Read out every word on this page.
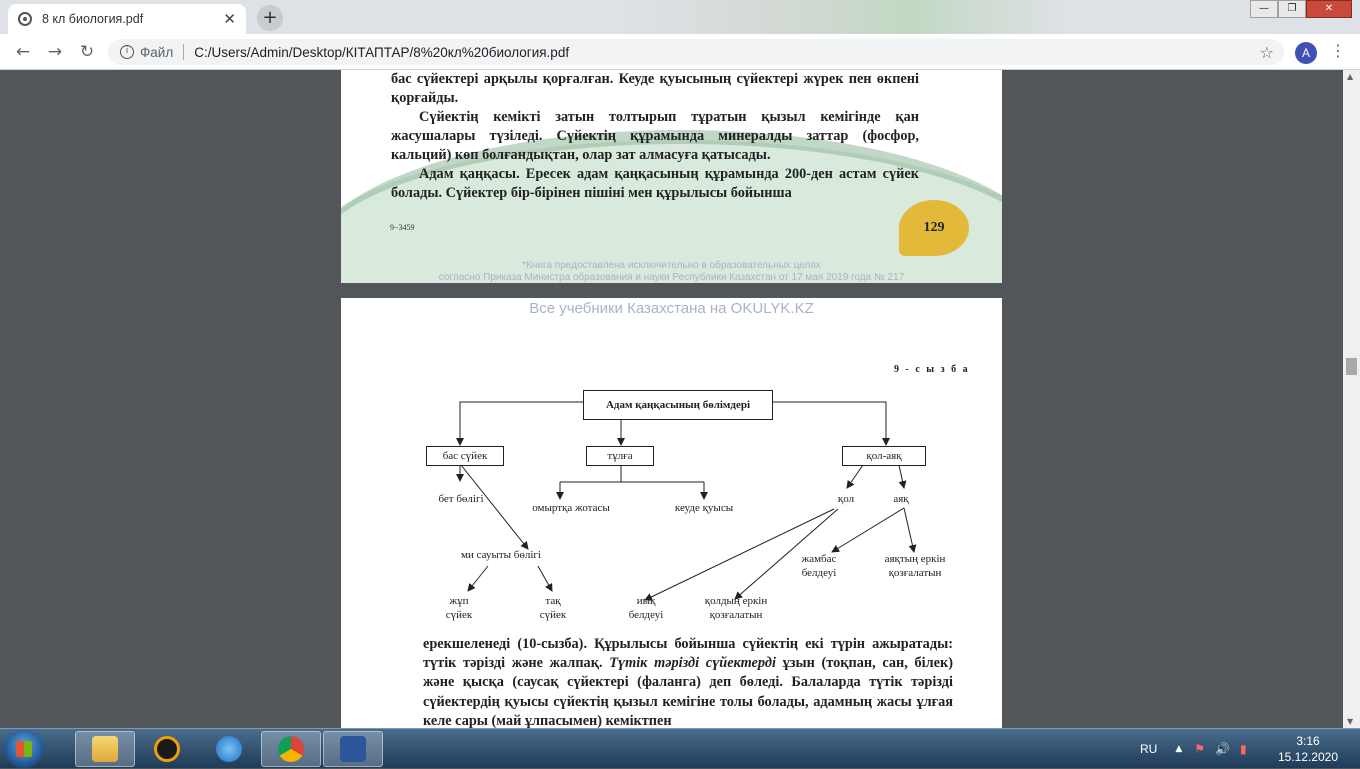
8 кл биология.pdf	✕	+	—	❐	✕
← → ↻	i Файл C:/Users/Admin/Desktop/КІТАПТАР/8%20кл%20биология.pdf	☆	A	⋮

бас сүйектері арқылы қорғалған. Кеуде қуысының сүйектері жүрек пен өкпені қорғайды.

Сүйектің кемікті затын толтырып тұратын қызыл кемігінде қан жасушалары түзіледі. Сүйектің құрамында минералды заттар (фосфор, кальций) көп болғандықтан, олар зат алмасуға қатысады.

Адам қаңқасы. Ересек адам қаңқасының құрамында 200-ден астам сүйек болады. Сүйектер бір-бірінен пішіні мен құрылысы бойынша

9−3459	129
*Книга предоставлена исключительно в образовательных целях
согласно Приказа Министра образования и науки Республики Казахстан от 17 мая 2019 года № 217
Все учебники Казахстана на OKULYK.KZ
9 - с ы з б а
Адам қаңқасының бөлімдері
бас сүйек	тұлға	қол-аяқ
бет бөлігі
ми сауыты бөлігі
жұп сүйек
тақ сүйек
омыртқа жотасы	кеуде қуысы
қол	аяқ
жамбас белдеуі
аяқтың еркін қозғалатын
иық белдеуі
қолдың еркін қозғалатын

ерекшеленеді (10-сызба). Құрылысы бойынша сүйектің екі түрін ажыратады: түтік тәрізді және жалпақ. Түтік тәрізді сүйектерді ұзын (тоқпан, сан, білек) және қысқа (саусақ сүйектері (фаланга) деп бөледі. Балаларда түтік тәрізді сүйектердің қуысы сүйектің қызыл кемігіне толы болады, адамның жасы ұлғая келе сары (май ұлпасымен) кеміктпен

▲
▼
RU ▲ ⚑ 🔊 ▮
3:16
15.12.2020
